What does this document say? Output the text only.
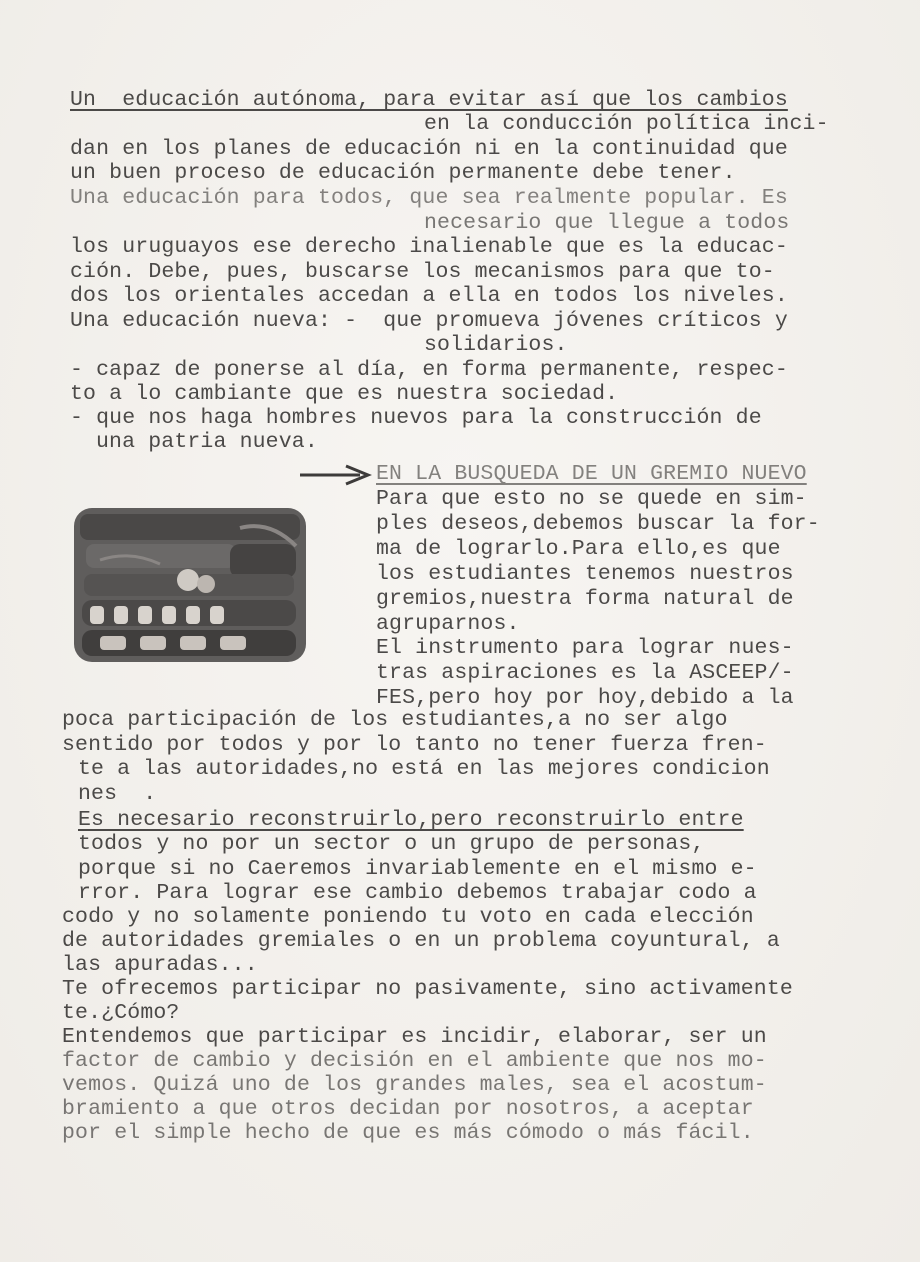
Un  educación autónoma, para evitar así que los cambios

en la conducción política inci-

dan en los planes de educación ni en la continuidad que

un buen proceso de educación permanente debe tener.

Una educación para todos, que sea realmente popular. Es

necesario que llegue a todos

los uruguayos ese derecho inalienable que es la educac-

ción. Debe, pues, buscarse los mecanismos para que to-

dos los orientales accedan a ella en todos los niveles.

Una educación nueva: -  que promueva jóvenes críticos y

solidarios.

- capaz de ponerse al día, en forma permanente, respec-

to a lo cambiante que es nuestra sociedad.

- que nos haga hombres nuevos para la construcción de

una patria nueva.

EN LA BUSQUEDA DE UN GREMIO NUEVO

Para que esto no se quede en sim-

ples deseos,debemos buscar la for-

ma de lograrlo.Para ello,es que

los estudiantes tenemos nuestros

gremios,nuestra forma natural de

agruparnos.

El instrumento para lograr nues-

tras aspiraciones es la ASCEEP/-

FES,pero hoy por hoy,debido a la

poca participación de los estudiantes,a no ser algo

sentido por todos y por lo tanto no tener fuerza fren-

te a las autoridades,no está en las mejores condicion

nes  .

Es necesario reconstruirlo,pero reconstruirlo entre

todos y no por un sector o un grupo de personas,

porque si no Caeremos invariablemente en el mismo e-

rror. Para lograr ese cambio debemos trabajar codo a

codo y no solamente poniendo tu voto en cada elección

de autoridades gremiales o en un problema coyuntural, a

las apuradas...

Te ofrecemos participar no pasivamente, sino activamente

te.¿Cómo?

Entendemos que participar es incidir, elaborar, ser un

factor de cambio y decisión en el ambiente que nos mo-

vemos. Quizá uno de los grandes males, sea el acostum-

bramiento a que otros decidan por nosotros, a aceptar

por el simple hecho de que es más cómodo o más fácil.
